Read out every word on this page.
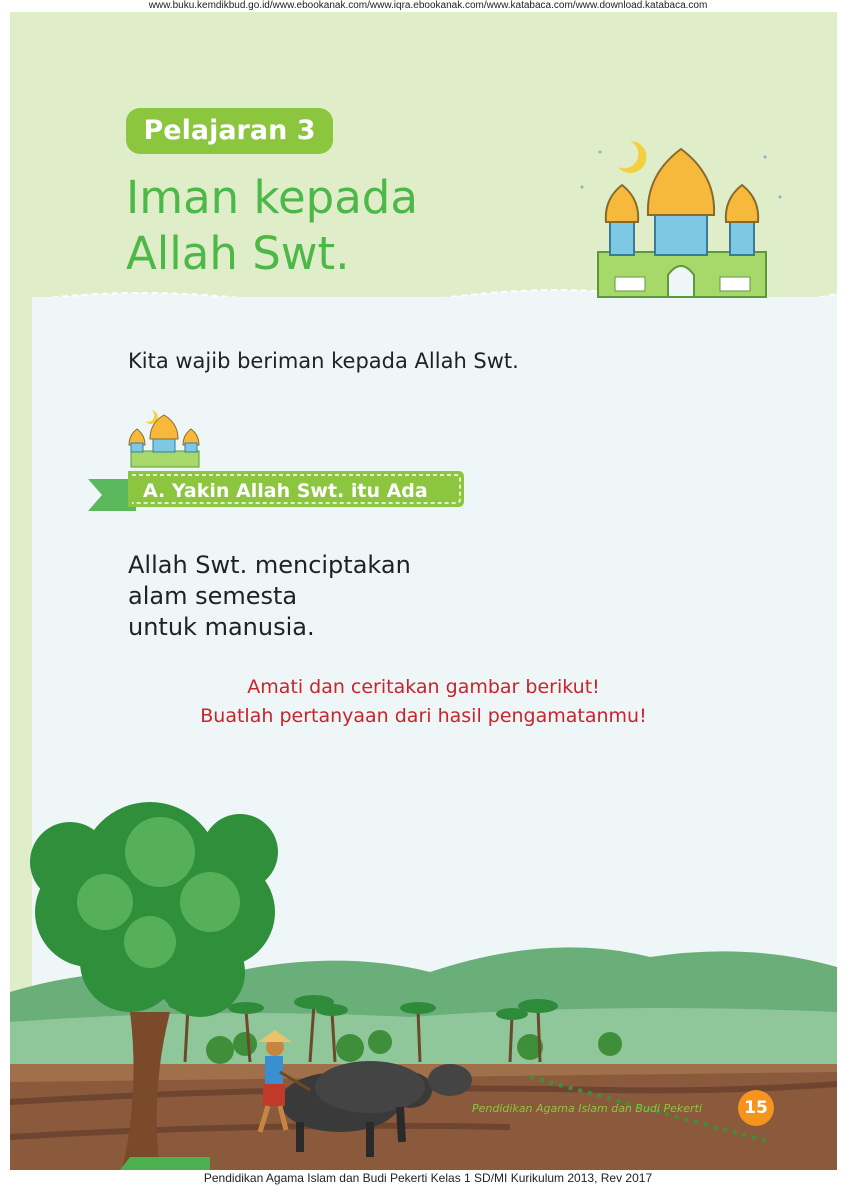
www.buku.kemdikbud.go.id/www.ebookanak.com/www.iqra.ebookanak.com/www.katabaca.com/www.download.katabaca.com
Pelajaran 3
Iman kepada
Allah Swt.
Kita wajib beriman kepada Allah Swt.
A. Yakin Allah Swt. itu Ada
Allah Swt. menciptakan
alam semesta
untuk manusia.
Amati dan ceritakan gambar berikut!
Buatlah pertanyaan dari hasil pengamatanmu!
Pendidikan Agama Islam dan Budi Pekerti	15
Pendidikan Agama Islam dan Budi Pekerti Kelas 1 SD/MI Kurikulum 2013, Rev 2017
